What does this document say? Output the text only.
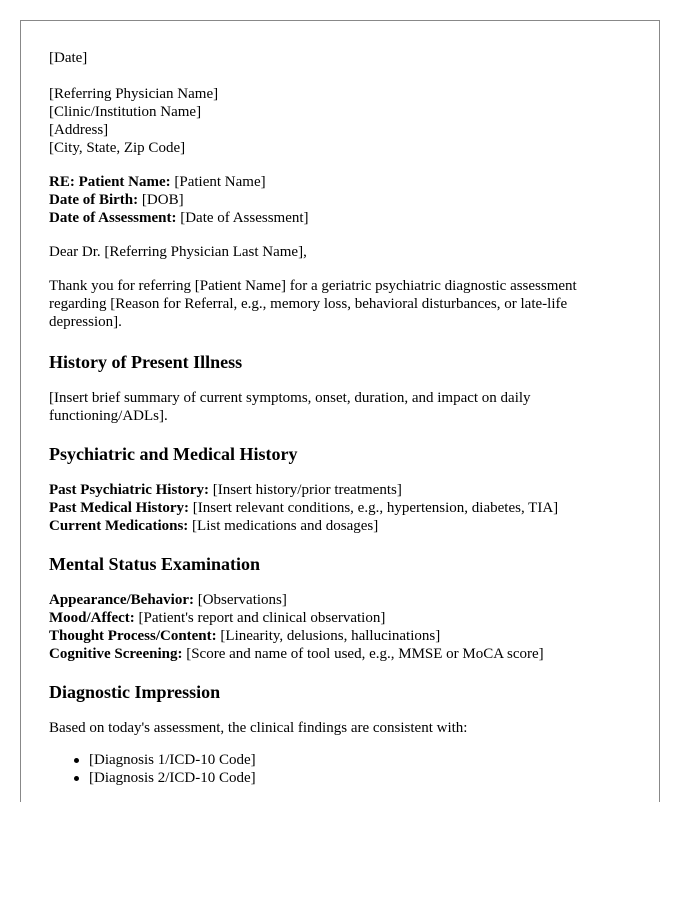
[Date]
[Referring Physician Name]
[Clinic/Institution Name]
[Address]
[City, State, Zip Code]
RE: Patient Name: [Patient Name]
Date of Birth: [DOB]
Date of Assessment: [Date of Assessment]
Dear Dr. [Referring Physician Last Name],
Thank you for referring [Patient Name] for a geriatric psychiatric diagnostic assessment
regarding [Reason for Referral, e.g., memory loss, behavioral disturbances, or late-life
depression].
History of Present Illness
[Insert brief summary of current symptoms, onset, duration, and impact on daily
functioning/ADLs].
Psychiatric and Medical History
Past Psychiatric History: [Insert history/prior treatments]
Past Medical History: [Insert relevant conditions, e.g., hypertension, diabetes, TIA]
Current Medications: [List medications and dosages]
Mental Status Examination
Appearance/Behavior: [Observations]
Mood/Affect: [Patient's report and clinical observation]
Thought Process/Content: [Linearity, delusions, hallucinations]
Cognitive Screening: [Score and name of tool used, e.g., MMSE or MoCA score]
Diagnostic Impression
Based on today's assessment, the clinical findings are consistent with:
[Diagnosis 1/ICD-10 Code]
[Diagnosis 2/ICD-10 Code]
